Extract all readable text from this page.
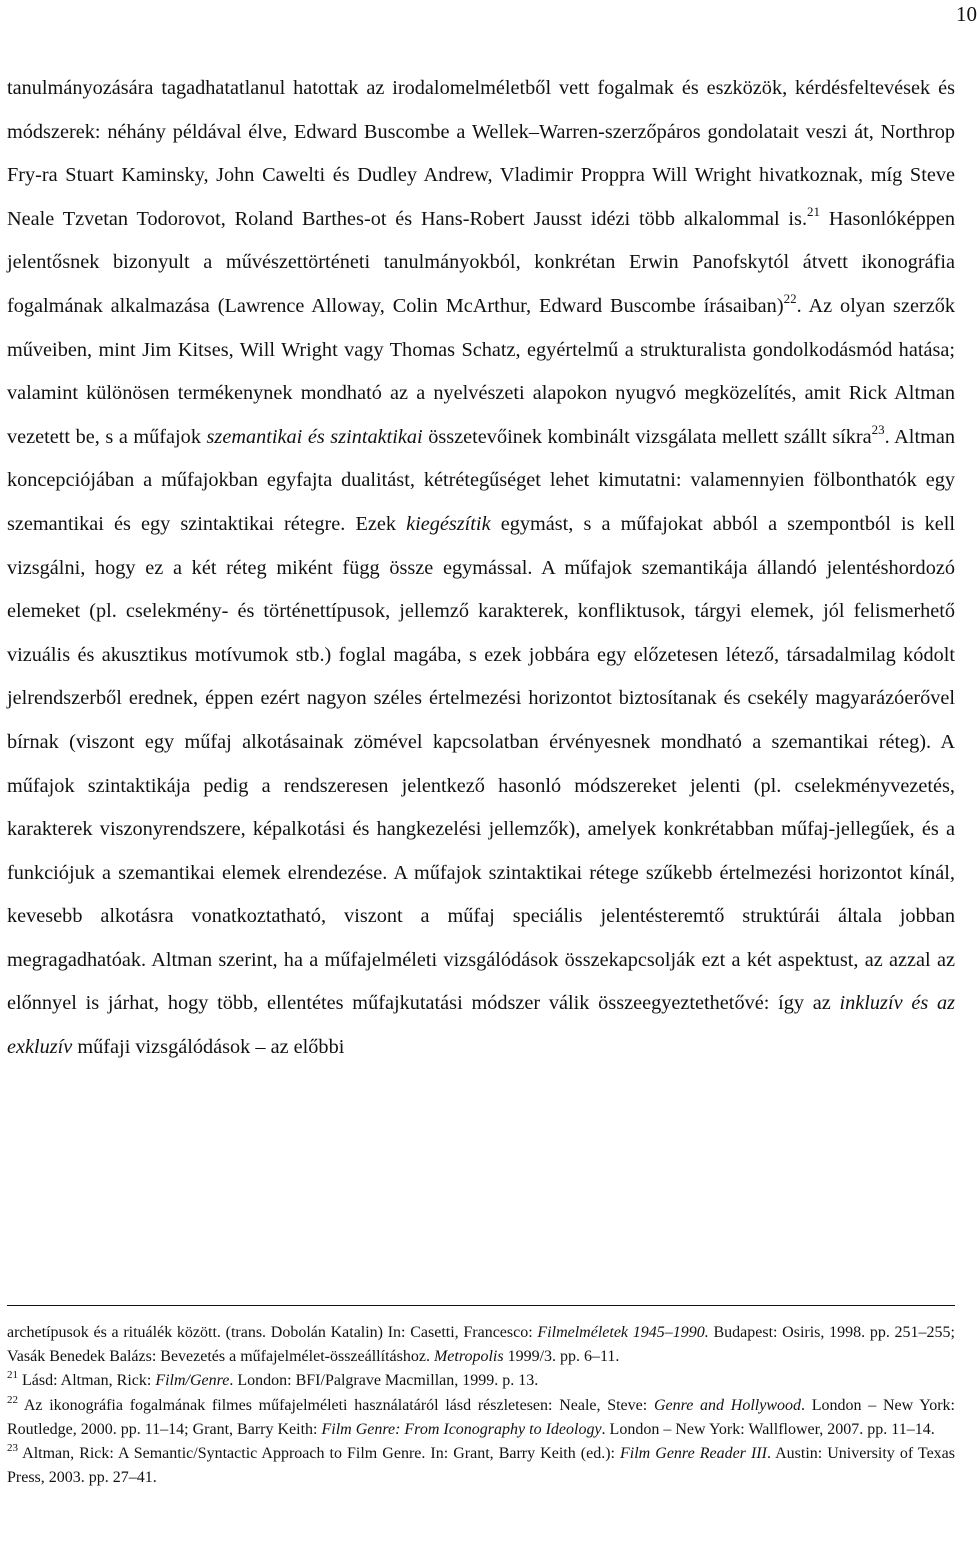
10

tanulmányozására tagadhatatlanul hatottak az irodalomelméletből vett fogalmak és eszközök, kérdésfeltevések és módszerek: néhány példával élve, Edward Buscombe a Wellek–Warren-szerzőpáros gondolatait veszi át, Northrop Fry-ra Stuart Kaminsky, John Cawelti és Dudley Andrew, Vladimir Proppra Will Wright hivatkoznak, míg Steve Neale Tzvetan Todorovot, Roland Barthes-ot és Hans-Robert Jausst idézi több alkalommal is.$^{21}$ Hasonlóképpen jelentősnek bizonyult a művészettörténeti tanulmányokból, konkrétan Erwin Panofskytól átvett ikonográfia fogalmának alkalmazása (Lawrence Alloway, Colin McArthur, Edward Buscombe írásaiban)$^{22}$. Az olyan szerzők műveiben, mint Jim Kitses, Will Wright vagy Thomas Schatz, egyértelmű a strukturalista gondolkodásmód hatása; valamint különösen termékenynek mondható az a nyelvészeti alapokon nyugvó megközelítés, amit Rick Altman vezetett be, s a műfajok szemantikai és szintaktikai összetevőinek kombinált vizsgálata mellett szállt síkra$^{23}$. Altman koncepciójában a műfajokban egyfajta dualitást, kétrétegűséget lehet kimutatni: valamennyien fölbonthatók egy szemantikai és egy szintaktikai rétegre. Ezek kiegészítik egymást, s a műfajokat abból a szempontból is kell vizsgálni, hogy ez a két réteg miként függ össze egymással. A műfajok szemantikája állandó jelentéshordozó elemeket (pl. cselekmény- és történettípusok, jellemző karakterek, konfliktusok, tárgyi elemek, jól felismerhető vizuális és akusztikus motívumok stb.) foglal magába, s ezek jobbára egy előzetesen létező, társadalmilag kódolt jelrendszerből erednek, éppen ezért nagyon széles értelmezési horizontot biztosítanak és csekély magyarázóerővel bírnak (viszont egy műfaj alkotásainak zömével kapcsolatban érvényesnek mondható a szemantikai réteg). A műfajok szintaktikája pedig a rendszeresen jelentkező hasonló módszereket jelenti (pl. cselekményvezetés, karakterek viszonyrendszere, képalkotási és hangkezelési jellemzők), amelyek konkrétabban műfaj-jellegűek, és a funkciójuk a szemantikai elemek elrendezése. A műfajok szintaktikai rétege szűkebb értelmezési horizontot kínál, kevesebb alkotásra vonatkoztatható, viszont a műfaj speciális jelentésteremtő struktúrái általa jobban megragadhatóak. Altman szerint, ha a műfajelméleti vizsgálódások összekapcsolják ezt a két aspektust, az azzal az előnnyel is járhat, hogy több, ellentétes műfajkutatási módszer válik összeegyeztethetővé: így az inkluzív és az exkluzív műfaji vizsgálódások – az előbbi

archetípusok és a rituálék között. (trans. Dobolán Katalin) In: Casetti, Francesco: Filmelméletek 1945–1990. Budapest: Osiris, 1998. pp. 251–255; Vasák Benedek Balázs: Bevezetés a műfajelmélet-összeállításhoz. Metropolis 1999/3. pp. 6–11.

$^{21}$ Lásd: Altman, Rick: Film/Genre. London: BFI/Palgrave Macmillan, 1999. p. 13.

$^{22}$ Az ikonográfia fogalmának filmes műfajelméleti használatáról lásd részletesen: Neale, Steve: Genre and Hollywood. London – New York: Routledge, 2000. pp. 11–14; Grant, Barry Keith: Film Genre: From Iconography to Ideology. London – New York: Wallflower, 2007. pp. 11–14.

$^{23}$ Altman, Rick: A Semantic/Syntactic Approach to Film Genre. In: Grant, Barry Keith (ed.): Film Genre Reader III. Austin: University of Texas Press, 2003. pp. 27–41.
